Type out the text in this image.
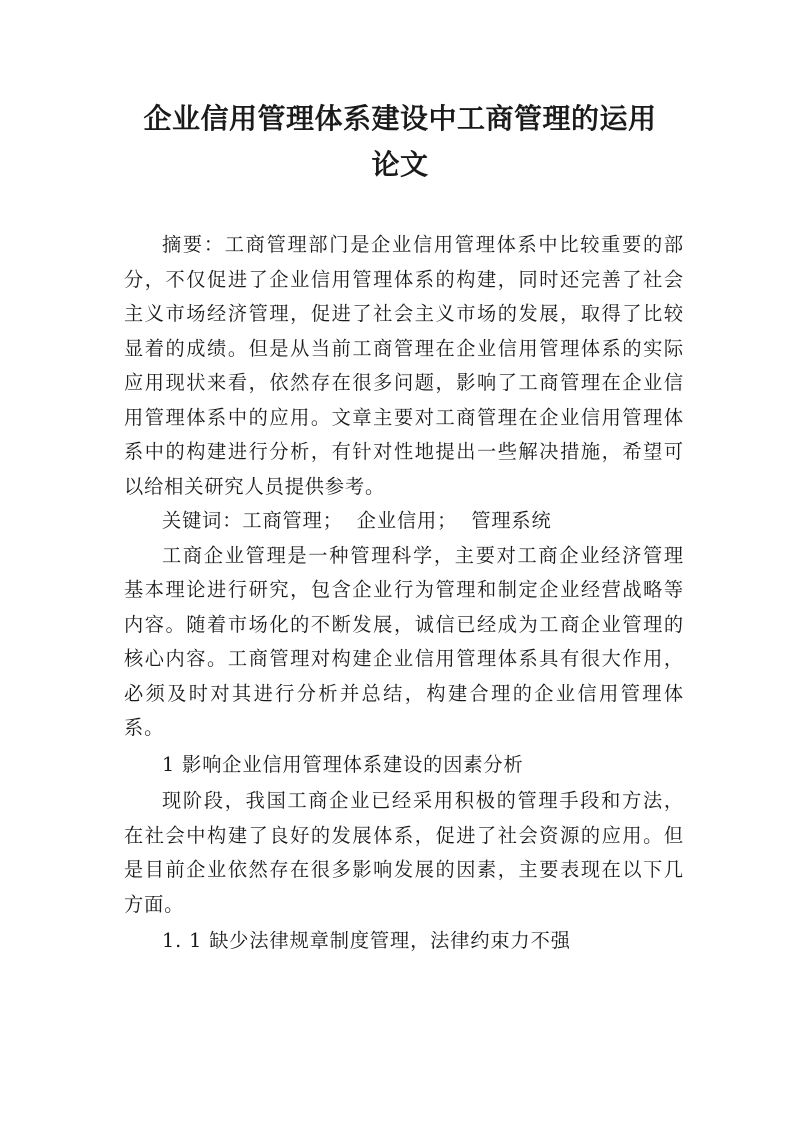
企业信用管理体系建设中工商管理的运用
论文

摘要：工商管理部门是企业信用管理体系中比较重要的部分，不仅促进了企业信用管理体系的构建，同时还完善了社会主义市场经济管理，促进了社会主义市场的发展，取得了比较显着的成绩。但是从当前工商管理在企业信用管理体系的实际应用现状来看，依然存在很多问题，影响了工商管理在企业信用管理体系中的应用。文章主要对工商管理在企业信用管理体系中的构建进行分析，有针对性地提出一些解决措施，希望可以给相关研究人员提供参考。

关键词：工商管理； 企业信用； 管理系统

工商企业管理是一种管理科学，主要对工商企业经济管理基本理论进行研究，包含企业行为管理和制定企业经营战略等内容。随着市场化的不断发展，诚信已经成为工商企业管理的核心内容。工商管理对构建企业信用管理体系具有很大作用，必须及时对其进行分析并总结，构建合理的企业信用管理体系。

1 影响企业信用管理体系建设的因素分析

现阶段，我国工商企业已经采用积极的管理手段和方法，在社会中构建了良好的发展体系，促进了社会资源的应用。但是目前企业依然存在很多影响发展的因素，主要表现在以下几方面。

1. 1 缺少法律规章制度管理，法律约束力不强
